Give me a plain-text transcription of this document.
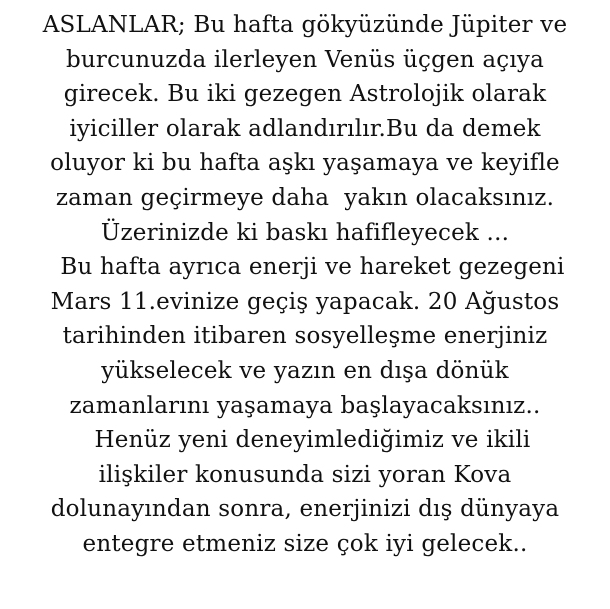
ASLANLAR; Bu hafta gökyüzünde Jüpiter ve
burcunuzda ilerleyen Venüs üçgen açıya
girecek. Bu iki gezegen Astrolojik olarak
iyiciller olarak adlandırılır.Bu da demek
oluyor ki bu hafta aşkı yaşamaya ve keyifle
zaman geçirmeye daha  yakın olacaksınız.
Üzerinizde ki baskı hafifleyecek ...
Bu hafta ayrıca enerji ve hareket gezegeni
Mars 11.evinize geçiş yapacak. 20 Ağustos
tarihinden itibaren sosyelleşme enerjiniz
yükselecek ve yazın en dışa dönük
zamanlarını yaşamaya başlayacaksınız..
Henüz yeni deneyimlediğimiz ve ikili
ilişkiler konusunda sizi yoran Kova
dolunayından sonra, enerjinizi dış dünyaya
entegre etmeniz size çok iyi gelecek..
